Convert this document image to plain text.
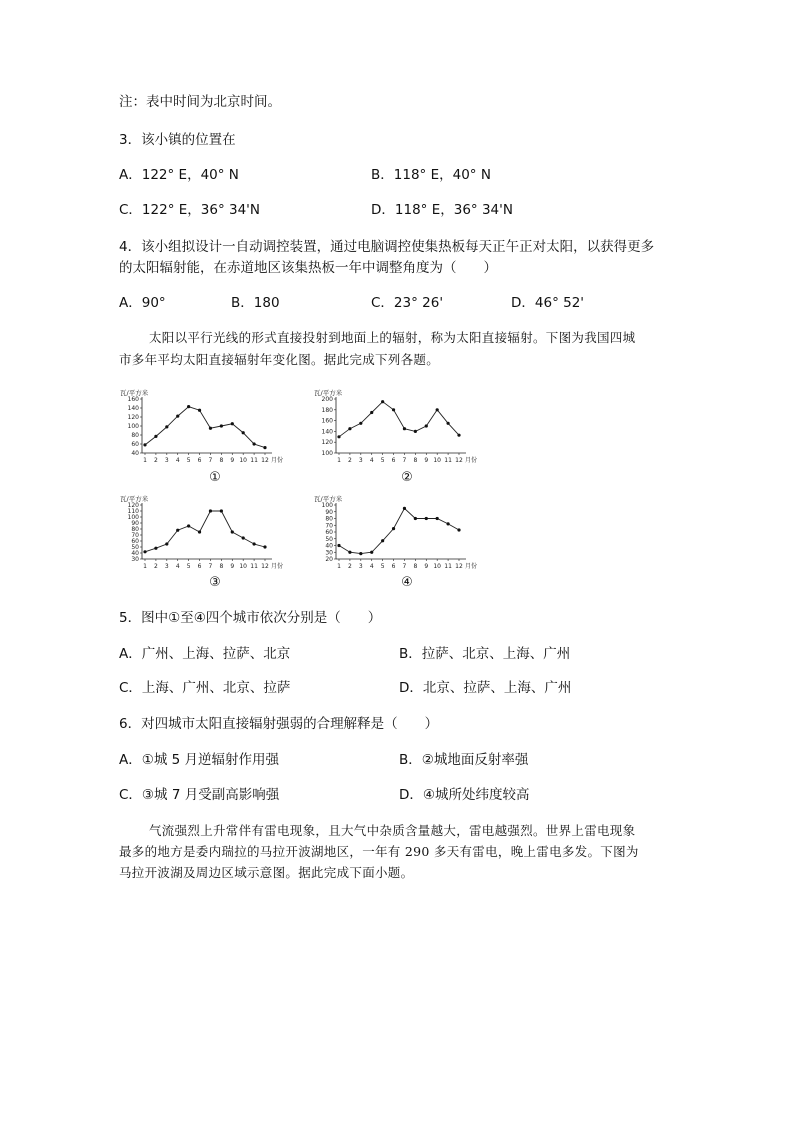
注：表中时间为北京时间。
3．该小镇的位置在
A．122° E，40° N	B．118° E，40° N
C．122° E，36° 34'N	D．118° E，36° 34'N
4．该小组拟设计一自动调控装置，通过电脑调控使集热板每天正午正对太阳，以获得更多
的太阳辐射能，在赤道地区该集热板一年中调整角度为（　　）
A．90°	B．180	C．23° 26'	D．46° 52'
太阳以平行光线的形式直接投射到地面上的辐射，称为太阳直接辐射。下图为我国四城
市多年平均太阳直接辐射年变化图。据此完成下列各题。
瓦/平方米
40
60
80
100
120
140
160
1 2 3 4 5 6 7 8 9 10 11 12 月份
瓦/平方米
100
120
140
160
180
200
1 2 3 4 5 6 7 8 9 10 11 12 月份
瓦/平方米
30
40
50
60
70
80
90
100
110
120
1 2 3 4 5 6 7 8 9 10 11 12 月份
瓦/平方米
20
30
40
50
60
70
80
90
100
1 2 3 4 5 6 7 8 9 10 11 12 月份
①	②
③	④
5．图中①至④四个城市依次分别是（　　）
A．广州、上海、拉萨、北京	B．拉萨、北京、上海、广州
C．上海、广州、北京、拉萨	D．北京、拉萨、上海、广州
6．对四城市太阳直接辐射强弱的合理解释是（　　）
A．①城 5 月逆辐射作用强	B．②城地面反射率强
C．③城 7 月受副高影响强	D．④城所处纬度较高
气流强烈上升常伴有雷电现象，且大气中杂质含量越大，雷电越强烈。世界上雷电现象
最多的地方是委内瑞拉的马拉开波湖地区，一年有 290 多天有雷电，晚上雷电多发。下图为
马拉开波湖及周边区域示意图。据此完成下面小题。
